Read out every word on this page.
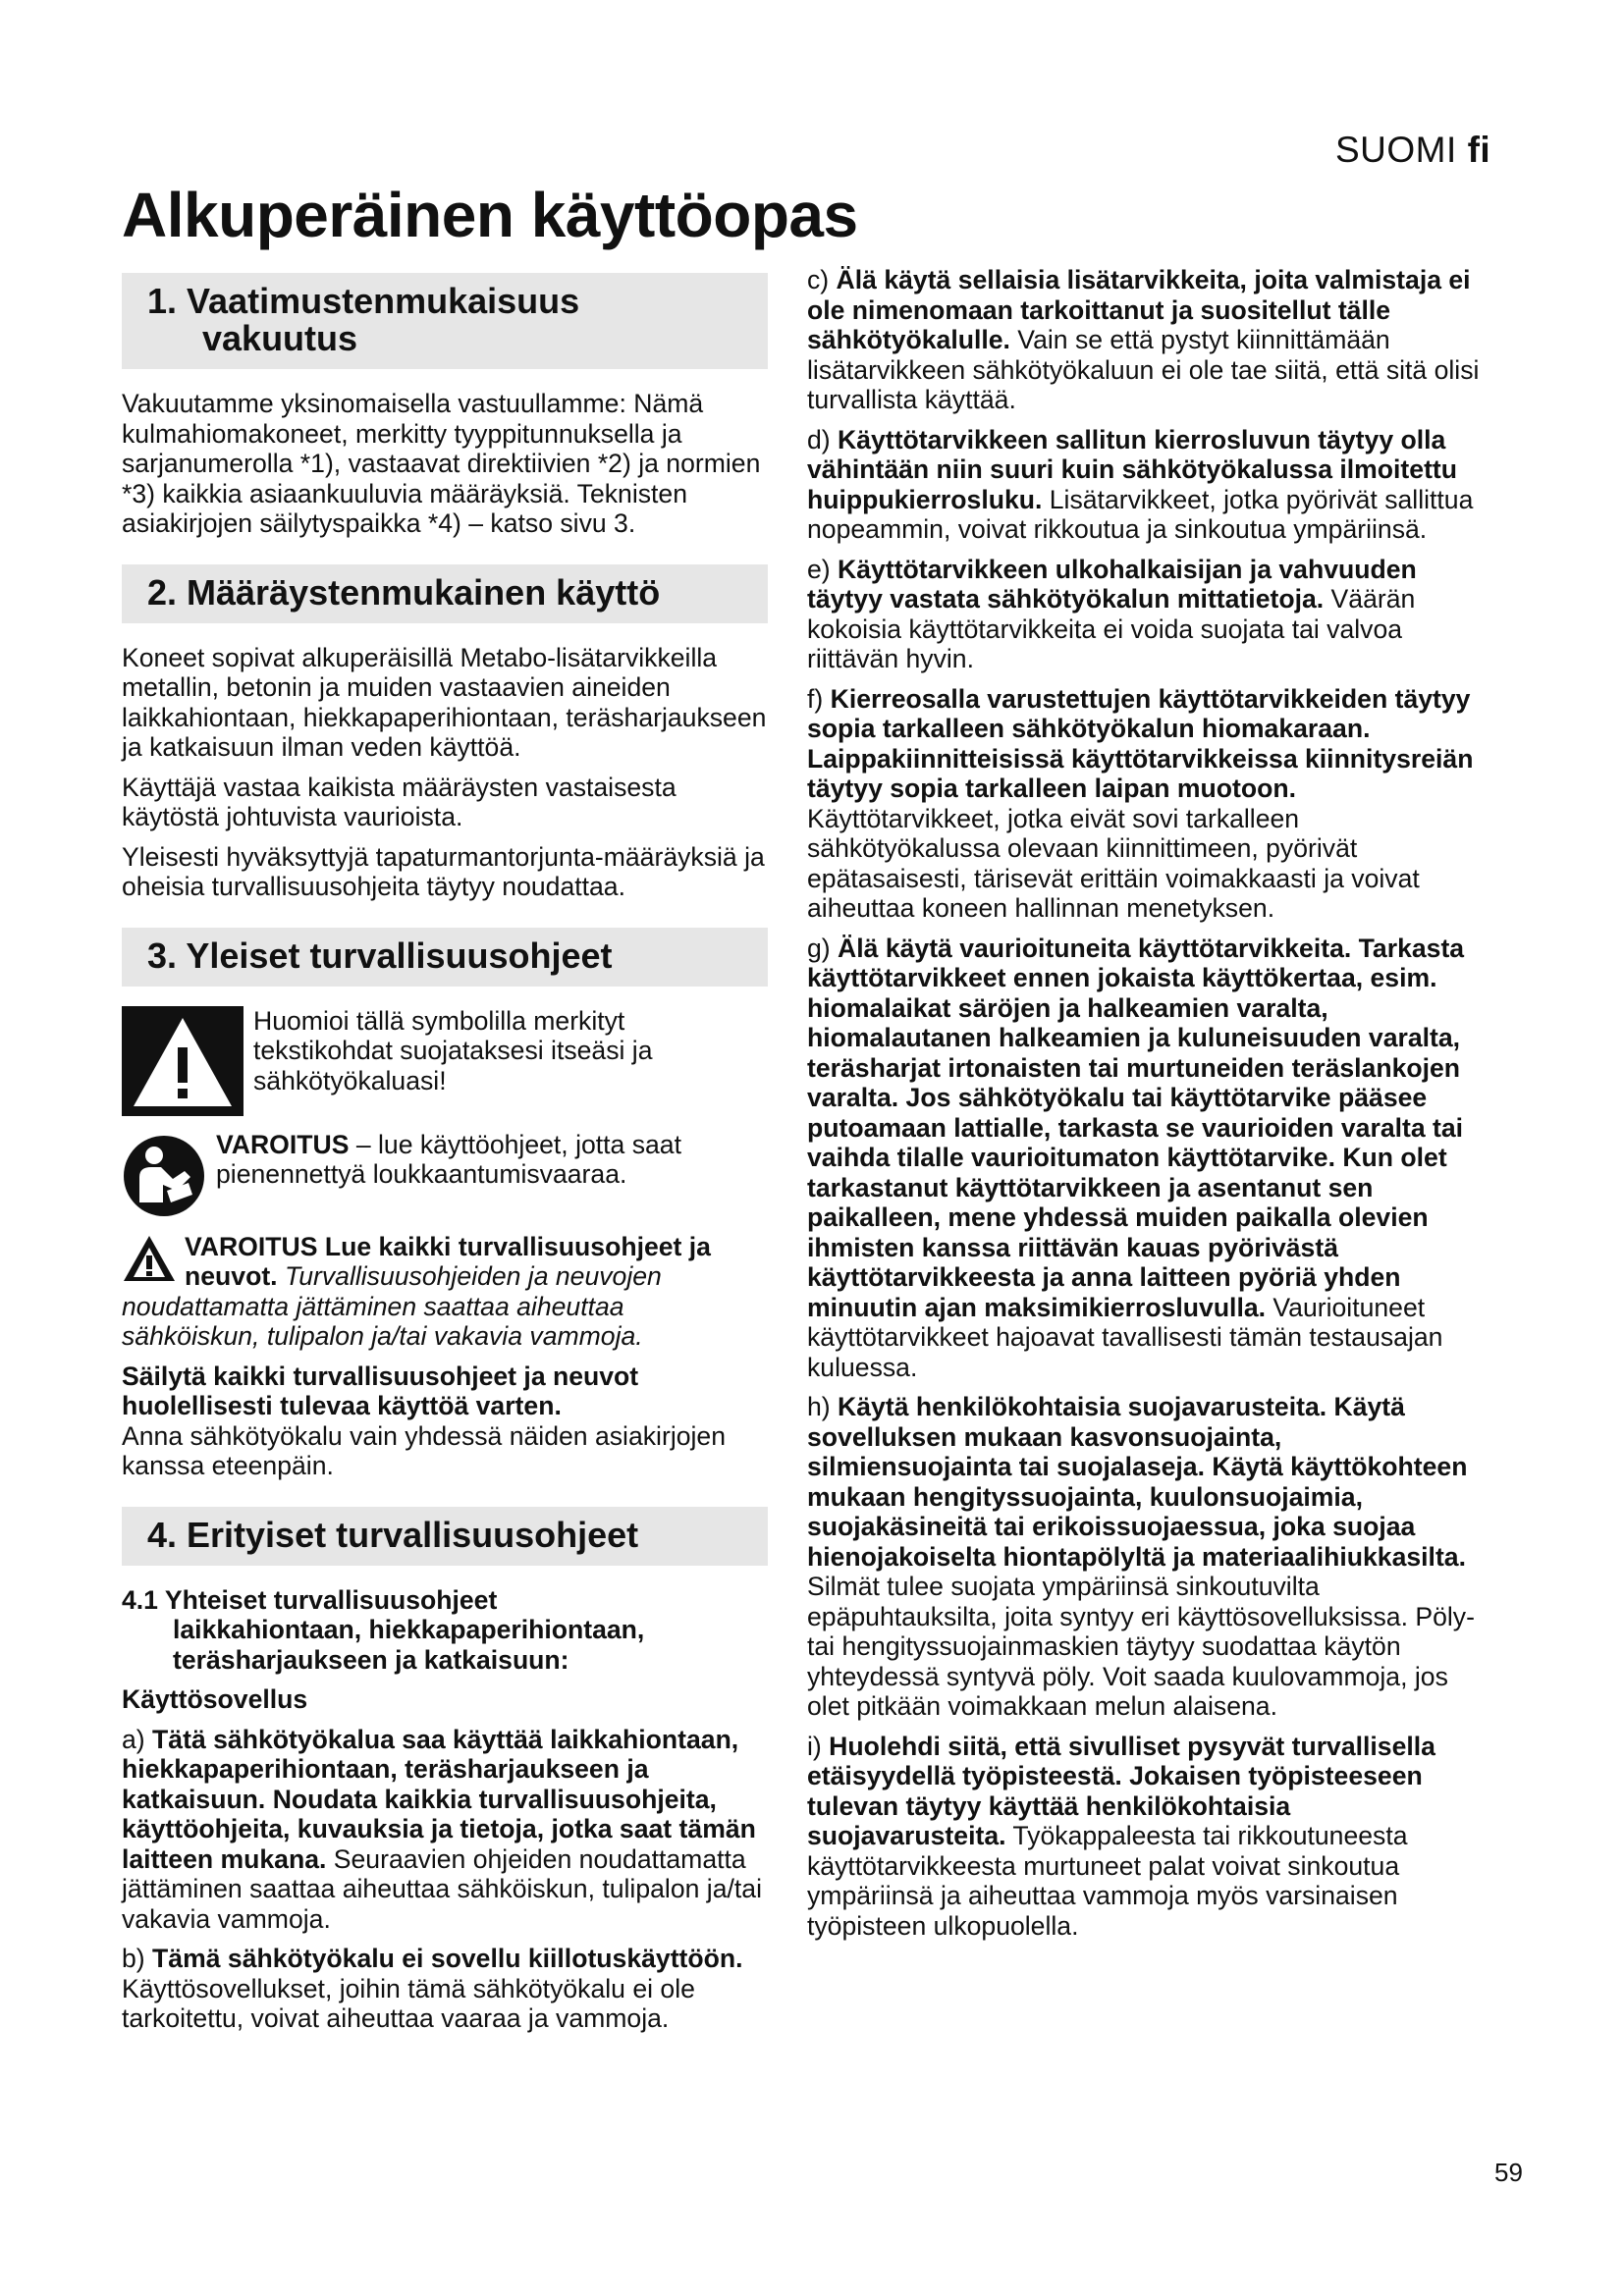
SUOMI fi
Alkuperäinen käyttöopas
1. Vaatimustenmukaisuus
vakuutus

Vakuutamme yksinomaisella vastuullamme: Nämä kulmahiomakoneet, merkitty tyyppitunnuksella ja sarjanumerolla *1), vastaavat direktiivien *2) ja normien *3) kaikkia asiaankuuluvia määräyksiä. Teknisten asiakirjojen säilytyspaikka *4) – katso sivu 3.

2. Määräystenmukainen käyttö

Koneet sopivat alkuperäisillä Metabo-lisätarvikkeilla metallin, betonin ja muiden vastaavien aineiden laikkahiontaan, hiekkapaperihiontaan, teräsharjaukseen ja katkaisuun ilman veden käyttöä.

Käyttäjä vastaa kaikista määräysten vastaisesta käytöstä johtuvista vaurioista.

Yleisesti hyväksyttyjä tapaturmantorjunta-määräyksiä ja oheisia turvallisuusohjeita täytyy noudattaa.

3. Yleiset turvallisuusohjeet
Huomioi tällä symbolilla merkityt tekstikohdat suojataksesi itseäsi ja sähkötyökaluasi!
VAROITUS – lue käyttöohjeet, jotta saat pienennettyä loukkaantumisvaaraa.

VAROITUS Lue kaikki turvallisuusohjeet ja neuvot. Turvallisuusohjeiden ja neuvojen noudattamatta jättäminen saattaa aiheuttaa sähköiskun, tulipalon ja/tai vakavia vammoja.

Säilytä kaikki turvallisuusohjeet ja neuvot huolellisesti tulevaa käyttöä varten.
Anna sähkötyökalu vain yhdessä näiden asiakirjojen kanssa eteenpäin.

4. Erityiset turvallisuusohjeet

4.1 Yhteiset turvallisuusohjeet
laikkahiontaan, hiekkapaperihiontaan, teräsharjaukseen ja katkaisuun:

Käyttösovellus

a) Tätä sähkötyökalua saa käyttää laikkahiontaan, hiekkapaperihiontaan, teräsharjaukseen ja katkaisuun. Noudata kaikkia turvallisuusohjeita, käyttöohjeita, kuvauksia ja tietoja, jotka saat tämän laitteen mukana. Seuraavien ohjeiden noudattamatta jättäminen saattaa aiheuttaa sähköiskun, tulipalon ja/tai vakavia vammoja.

b) Tämä sähkötyökalu ei sovellu kiillotuskäyttöön. Käyttösovellukset, joihin tämä sähkötyökalu ei ole tarkoitettu, voivat aiheuttaa vaaraa ja vammoja.

c) Älä käytä sellaisia lisätarvikkeita, joita valmistaja ei ole nimenomaan tarkoittanut ja suositellut tälle sähkötyökalulle. Vain se että pystyt kiinnittämään lisätarvikkeen sähkötyökaluun ei ole tae siitä, että sitä olisi turvallista käyttää.

d) Käyttötarvikkeen sallitun kierrosluvun täytyy olla vähintään niin suuri kuin sähkötyökalussa ilmoitettu huippukierrosluku. Lisätarvikkeet, jotka pyörivät sallittua nopeammin, voivat rikkoutua ja sinkoutua ympäriinsä.

e) Käyttötarvikkeen ulkohalkaisijan ja vahvuuden täytyy vastata sähkötyökalun mittatietoja. Väärän kokoisia käyttötarvikkeita ei voida suojata tai valvoa riittävän hyvin.

f) Kierreosalla varustettujen käyttötarvikkeiden täytyy sopia tarkalleen sähkötyökalun hiomakaraan. Laippakiinnitteisissä käyttötarvikkeissa kiinnitysreiän täytyy sopia tarkalleen laipan muotoon. Käyttötarvikkeet, jotka eivät sovi tarkalleen sähkötyökalussa olevaan kiinnittimeen, pyörivät epätasaisesti, tärisevät erittäin voimakkaasti ja voivat aiheuttaa koneen hallinnan menetyksen.

g) Älä käytä vaurioituneita käyttötarvikkeita. Tarkasta käyttötarvikkeet ennen jokaista käyttökertaa, esim. hiomalaikat säröjen ja halkeamien varalta, hiomalautanen halkeamien ja kuluneisuuden varalta, teräsharjat irtonaisten tai murtuneiden teräslankojen varalta. Jos sähkötyökalu tai käyttötarvike pääsee putoamaan lattialle, tarkasta se vaurioiden varalta tai vaihda tilalle vaurioitumaton käyttötarvike. Kun olet tarkastanut käyttötarvikkeen ja asentanut sen paikalleen, mene yhdessä muiden paikalla olevien ihmisten kanssa riittävän kauas pyörivästä käyttötarvikkeesta ja anna laitteen pyöriä yhden minuutin ajan maksimikierrosluvulla. Vaurioituneet käyttötarvikkeet hajoavat tavallisesti tämän testausajan kuluessa.

h) Käytä henkilökohtaisia suojavarusteita. Käytä sovelluksen mukaan kasvonsuojainta, silmiensuojainta tai suojalaseja. Käytä käyttökohteen mukaan hengityssuojainta, kuulonsuojaimia, suojakäsineitä tai erikoissuojaessua, joka suojaa hienojakoiselta hiontapölyltä ja materiaalihiukkasilta. Silmät tulee suojata ympäriinsä sinkoutuvilta epäpuhtauksilta, joita syntyy eri käyttösovelluksissa. Pöly- tai hengityssuojainmaskien täytyy suodattaa käytön yhteydessä syntyvä pöly. Voit saada kuulovammoja, jos olet pitkään voimakkaan melun alaisena.

i) Huolehdi siitä, että sivulliset pysyvät turvallisella etäisyydellä työpisteestä. Jokaisen työpisteeseen tulevan täytyy käyttää henkilökohtaisia suojavarusteita. Työkappaleesta tai rikkoutuneesta käyttötarvikkeesta murtuneet palat voivat sinkoutua ympäriinsä ja aiheuttaa vammoja myös varsinaisen työpisteen ulkopuolella.

59
